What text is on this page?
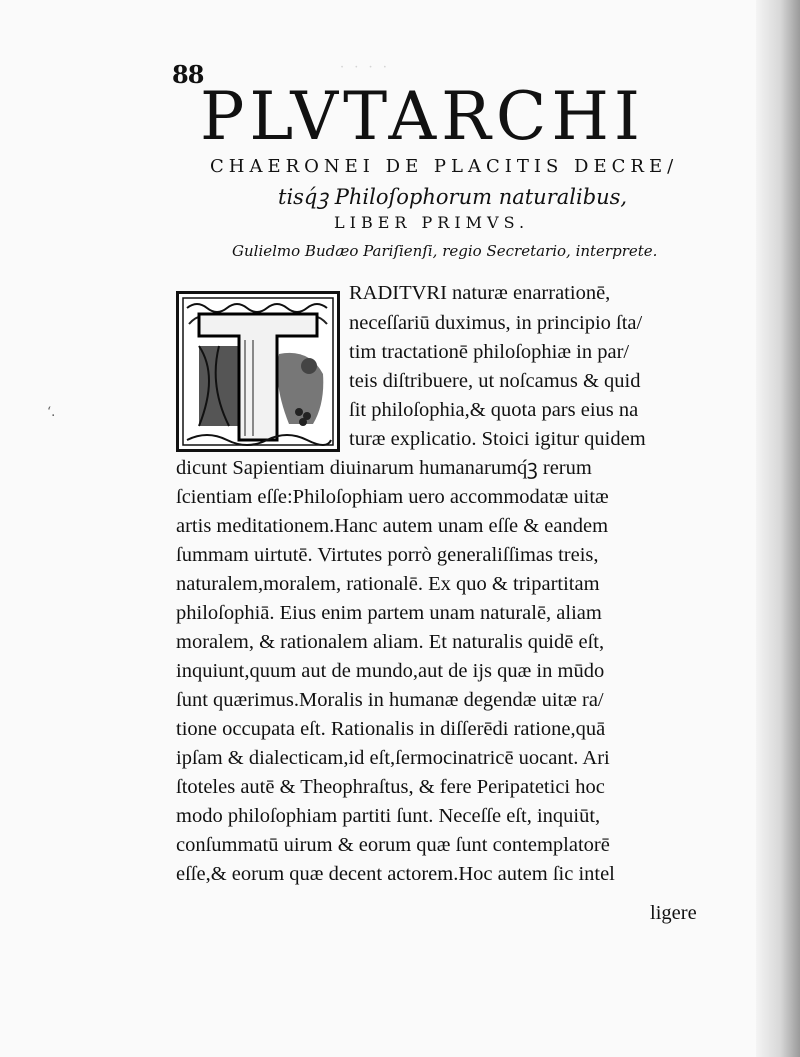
‘.
88	· · · ·
PLVTARCHI
CHAERONEI DE PLACITIS DECRE/
tisq́ꝫ Philoſophorum naturalibus,
LIBER PRIMVS.
Gulielmo Budæo Pariſienſi, regio Secretario, interprete.
RADITVRI naturæ enarrationē,
neceſſariū duximus, in principio ſta/
tim tractationē philoſophiæ in par/
teis diſtribuere, ut noſcamus & quid
ſit philoſophia,& quota pars eius na
turæ explicatio. Stoici igitur quidem
dicunt Sapientiam diuinarum humanarumq́ꝫ rerum
ſcientiam eſſe:Philoſophiam uero accommodatæ uitæ
artis meditationem.Hanc autem unam eſſe & eandem
ſummam uirtutē. Virtutes porrò generaliſſimas treis,
naturalem,moralem, rationalē. Ex quo & tripartitam
philoſophiā. Eius enim partem unam naturalē, aliam
moralem, & rationalem aliam. Et naturalis quidē eſt,
inquiunt,quum aut de mundo,aut de ijs quæ in mūdo
ſunt quærimus.Moralis in humanæ degendæ uitæ ra/
tione occupata eſt. Rationalis in diſſerēdi ratione,quā
ipſam & dialecticam,id eſt,ſermocinatricē uocant. Ari
ſtoteles autē & Theophraſtus, & fere Peripatetici hoc
modo philoſophiam partiti ſunt. Neceſſe eſt, inquiūt,
conſummatū uirum & eorum quæ ſunt contemplatorē
eſſe,& eorum quæ decent actorem.Hoc autem ſic intel
ligere
